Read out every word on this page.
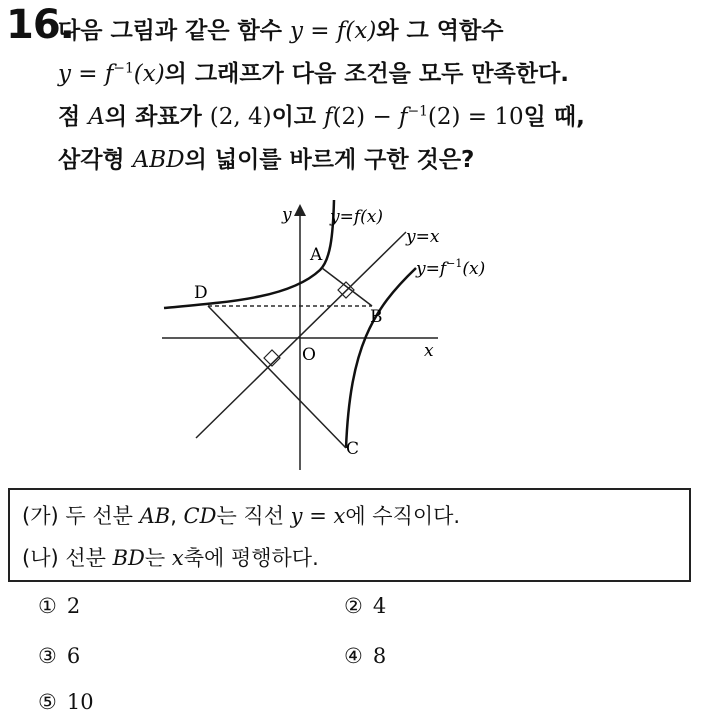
16.
다음 그림과 같은 함수 y = f(x)와 그 역함수
$y = f^{-1}(x)$의 그래프가 다음 조건을 모두 만족한다.
점 A의 좌표가 (2, 4)이고 $f(2) - f^{-1}(2) = 10$일 때,
삼각형 ABD의 넓이를 바르게 구한 것은?
y
x
O
y=f(x)
y=x
$y=f^{-1}(x)$
A
B
C
D
(가) 두 선분 AB, CD는 직선 y = x에 수직이다.
(나) 선분 BD는 x축에 평행하다.
① 2	② 4
③ 6	④ 8
⑤ 10
